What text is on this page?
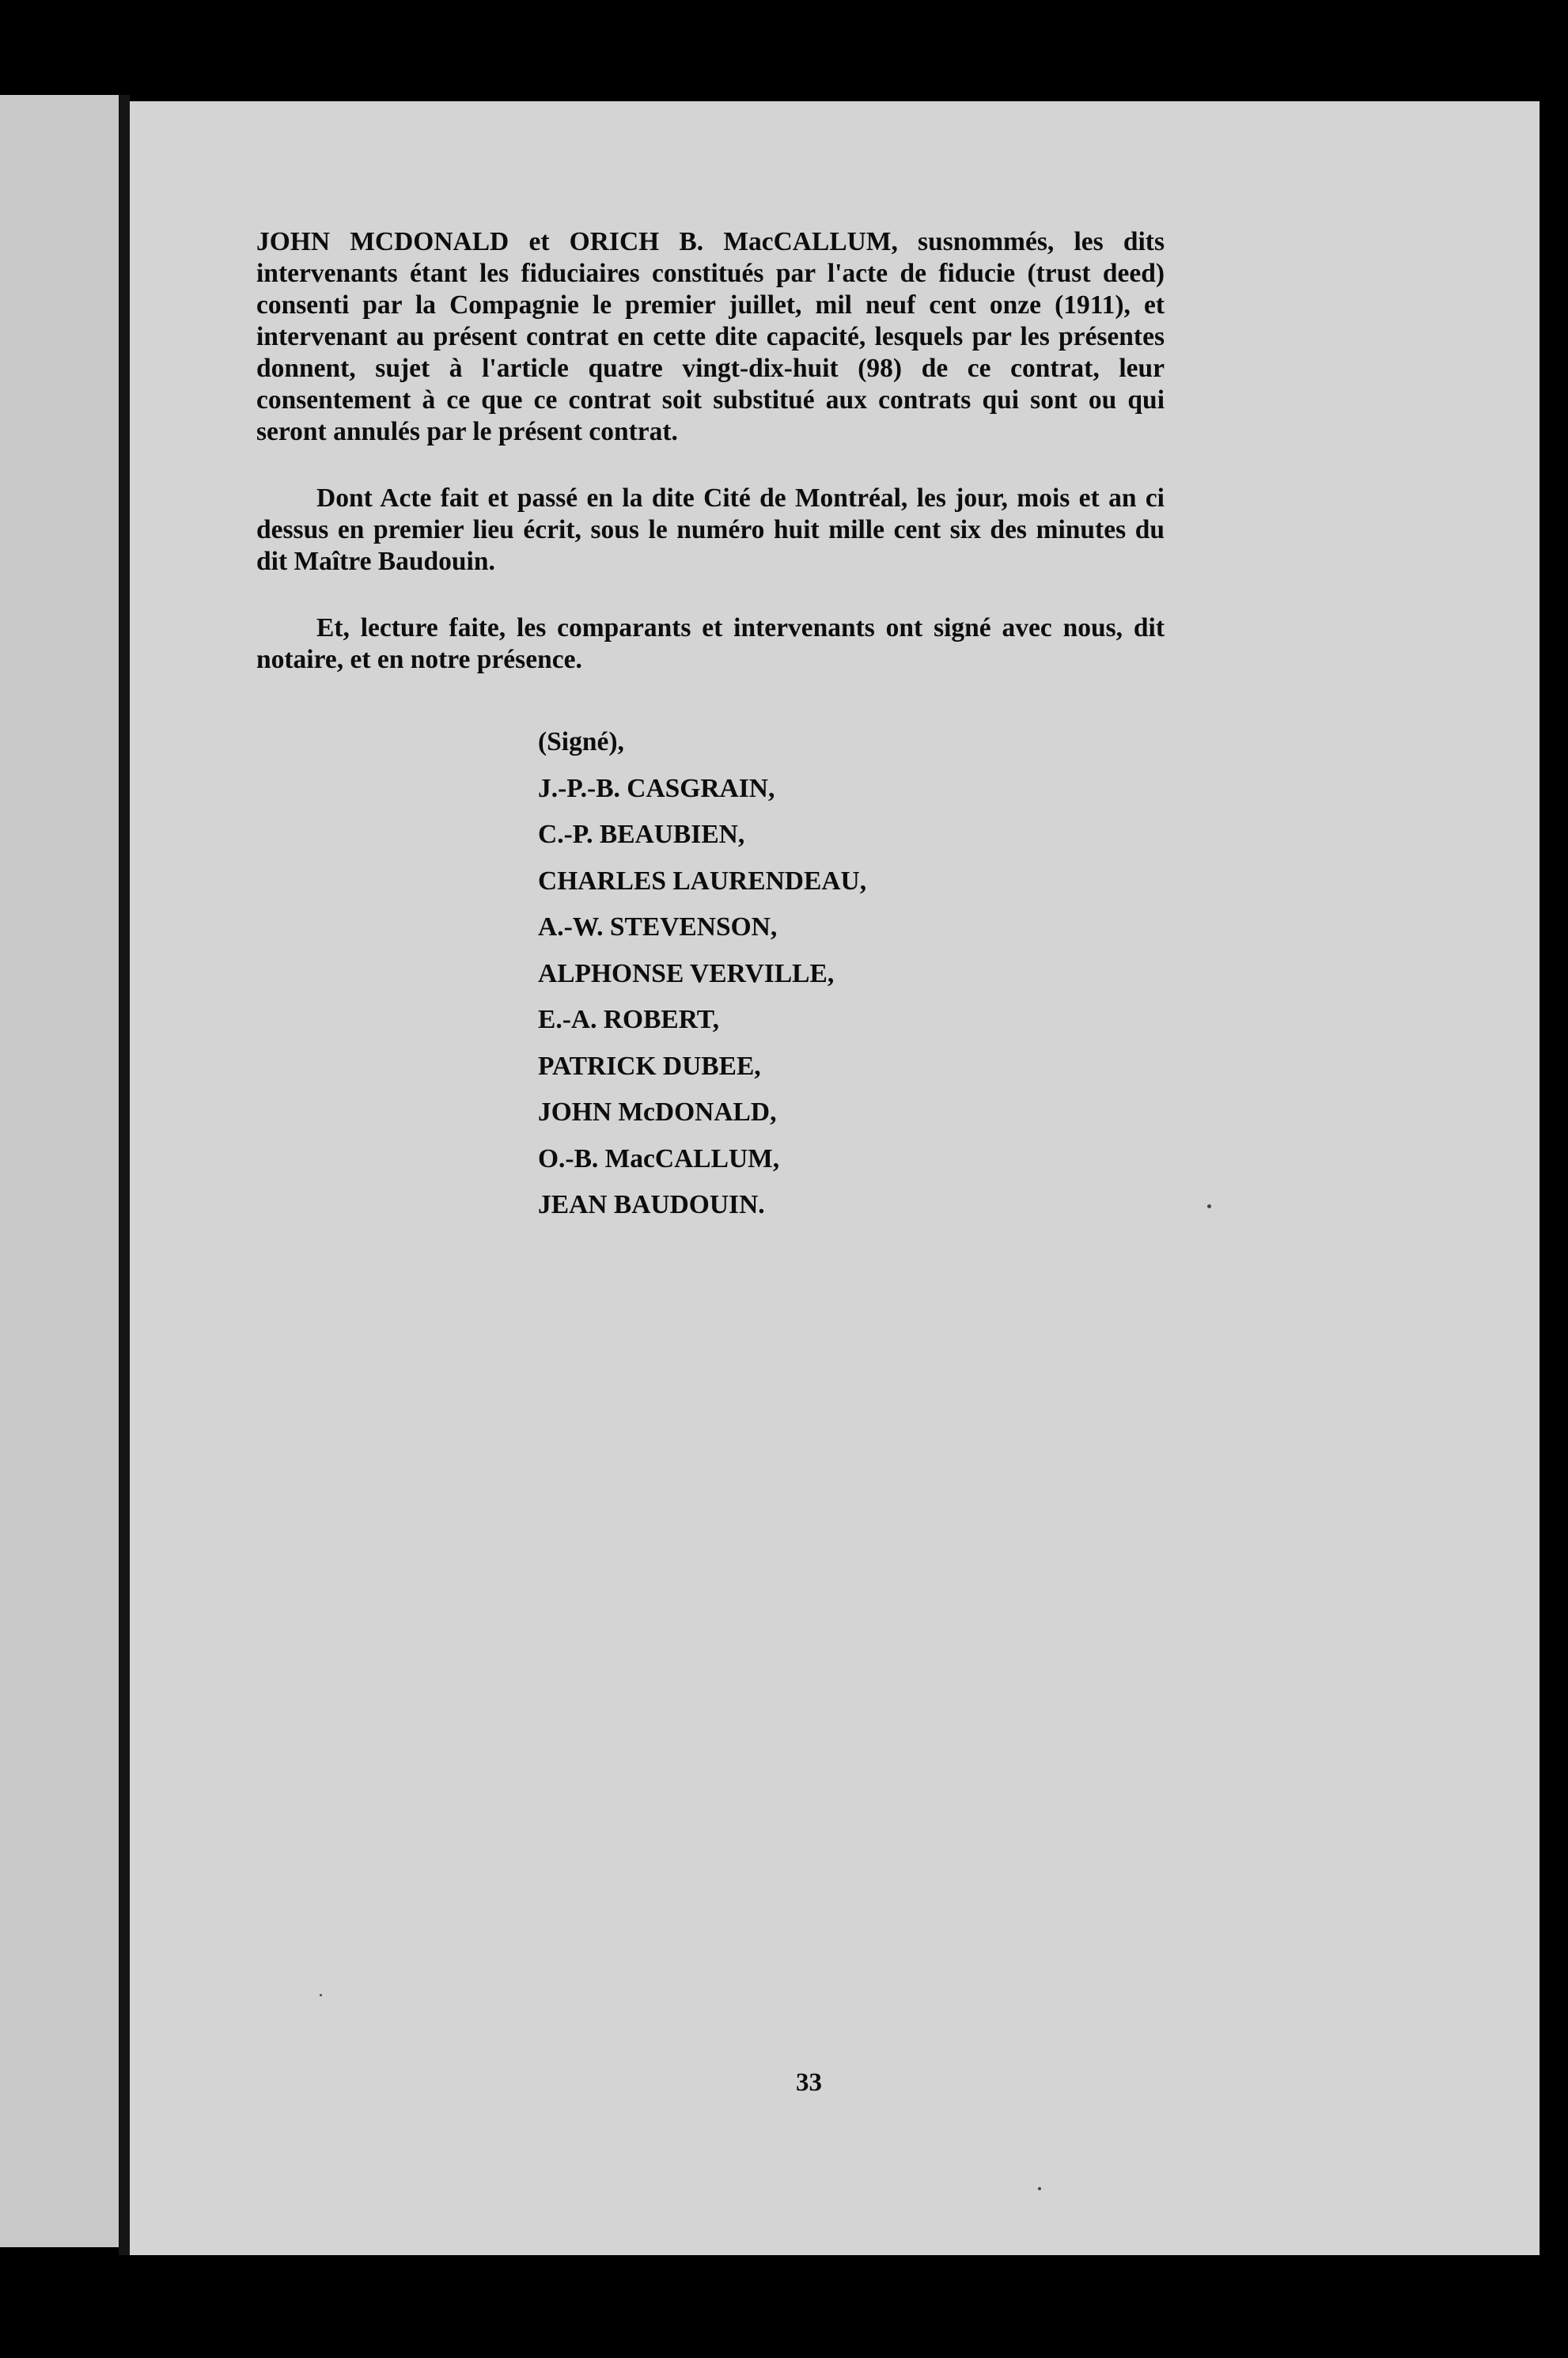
JOHN MCDONALD et ORICH B. MacCALLUM, susnommés, les dits intervenants étant les fiduciaires constitués par l'acte de fiducie (trust deed) consenti par la Compagnie le premier juillet, mil neuf cent onze (1911), et intervenant au présent contrat en cette dite capacité, lesquels par les présentes donnent, sujet à l'article quatre vingt-dix-huit (98) de ce contrat, leur consentement à ce que ce contrat soit substitué aux contrats qui sont ou qui seront annulés par le présent contrat.

Dont Acte fait et passé en la dite Cité de Montréal, les jour, mois et an ci dessus en premier lieu écrit, sous le numéro huit mille cent six des minutes du dit Maître Baudouin.

Et, lecture faite, les comparants et intervenants ont signé avec nous, dit notaire, et en notre présence.

(Signé),
J.-P.-B. CASGRAIN,
C.-P. BEAUBIEN,
CHARLES LAURENDEAU,
A.-W. STEVENSON,
ALPHONSE VERVILLE,
E.-A. ROBERT,
PATRICK DUBEE,
JOHN McDONALD,
O.-B. MacCALLUM,
JEAN BAUDOUIN.
33
